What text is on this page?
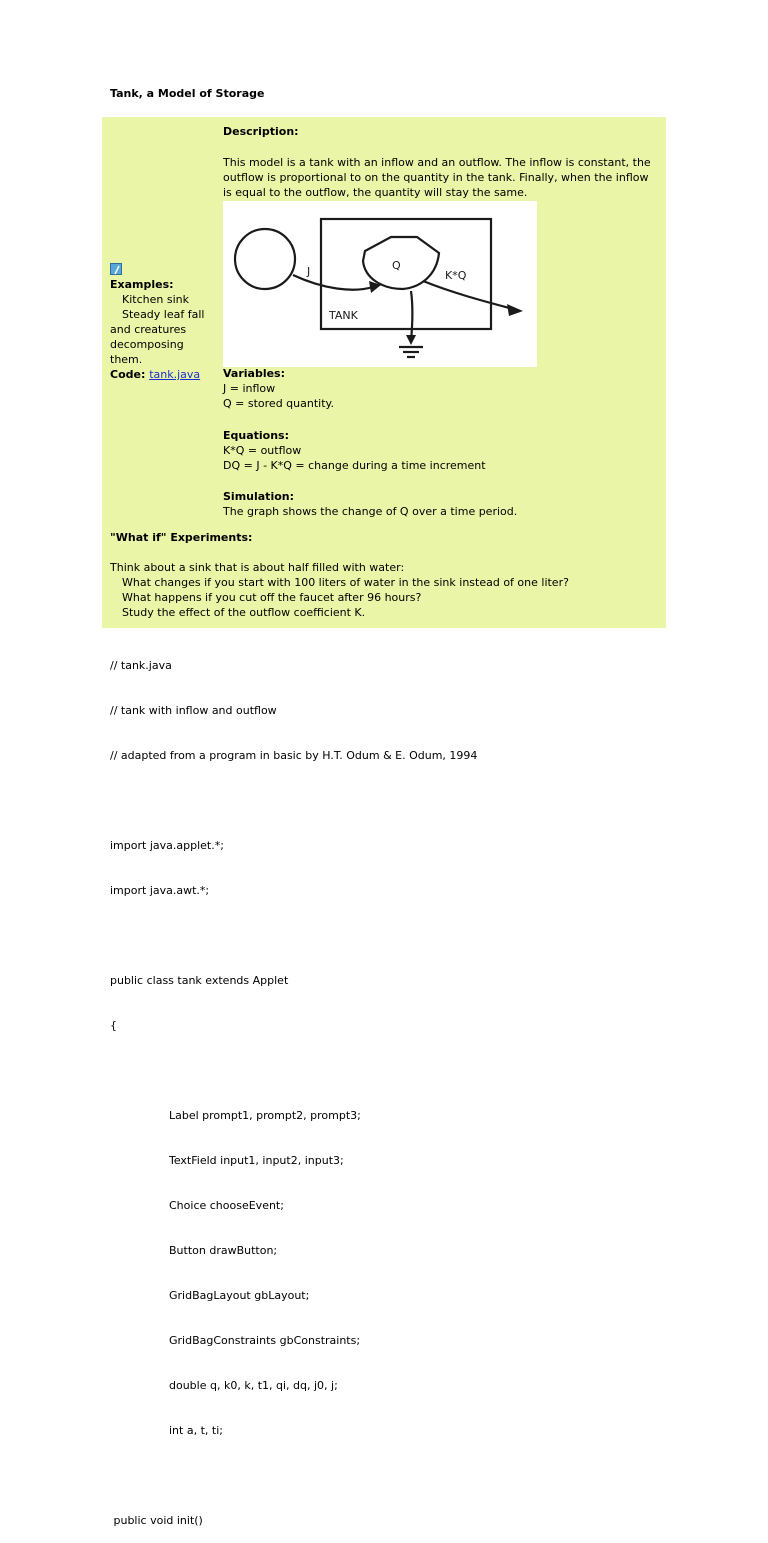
Tank, a Model of Storage
Description:
This model is a tank with an inflow and an outflow. The inflow is constant, the outflow is proportional to on the quantity in the tank. Finally, when the inflow is equal to the outflow, the quantity will stay the same.
J	Q
K*Q
TANK
Examples:
Kitchen sink
Steady leaf fall
and creatures decomposing them.
Code: tank.java	Variables:
J = inflow
Q = stored quantity.
Equations:
K*Q = outflow
DQ = J - K*Q = change during a time increment
Simulation:
The graph shows the change of Q over a time period.
"What if" Experiments:
Think about a sink that is about half filled with water:
What changes if you start with 100 liters of water in the sink instead of one liter?
What happens if you cut off the faucet after 96 hours?
Study the effect of the outflow coefficient K.

// tank.java

// tank with inflow and outflow

// adapted from a program in basic by H.T. Odum & E. Odum, 1994

import java.applet.*;

import java.awt.*;

public class tank extends Applet

{

Label prompt1, prompt2, prompt3;

TextField input1, input2, input3;

Choice chooseEvent;

Button drawButton;

GridBagLayout gbLayout;

GridBagConstraints gbConstraints;

double q, k0, k, t1, qi, dq, j0, j;

int a, t, ti;

public void init()
